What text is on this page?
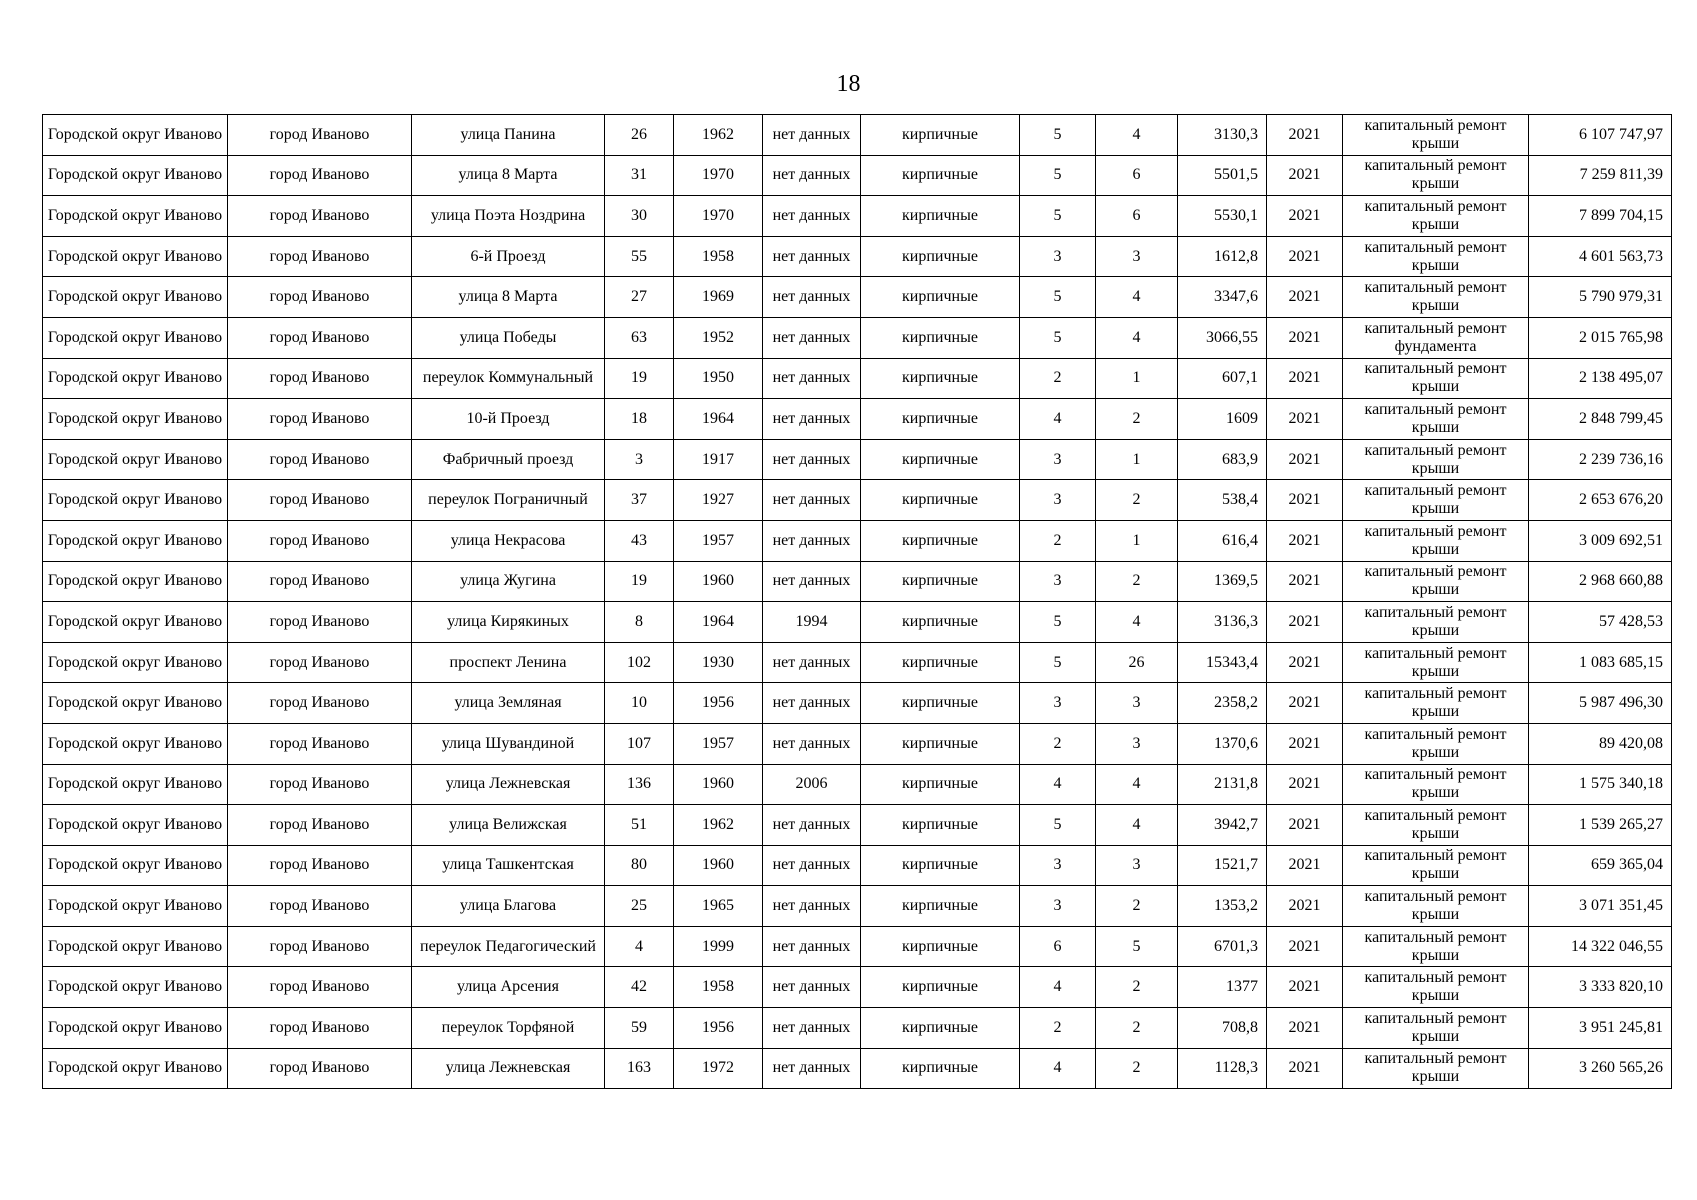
18
Городской округ Иваново	город Иваново	улица Панина	26	1962	нет данных	кирпичные	5	4	3130,3	2021	капитальный ремонт крыши	6 107 747,97
Городской округ Иваново	город Иваново	улица 8 Марта	31	1970	нет данных	кирпичные	5	6	5501,5	2021	капитальный ремонт крыши	7 259 811,39
Городской округ Иваново	город Иваново	улица Поэта Ноздрина	30	1970	нет данных	кирпичные	5	6	5530,1	2021	капитальный ремонт крыши	7 899 704,15
Городской округ Иваново	город Иваново	6-й Проезд	55	1958	нет данных	кирпичные	3	3	1612,8	2021	капитальный ремонт крыши	4 601 563,73
Городской округ Иваново	город Иваново	улица 8 Марта	27	1969	нет данных	кирпичные	5	4	3347,6	2021	капитальный ремонт крыши	5 790 979,31
Городской округ Иваново	город Иваново	улица Победы	63	1952	нет данных	кирпичные	5	4	3066,55	2021	капитальный ремонт фундамента	2 015 765,98
Городской округ Иваново	город Иваново	переулок Коммунальный	19	1950	нет данных	кирпичные	2	1	607,1	2021	капитальный ремонт крыши	2 138 495,07
Городской округ Иваново	город Иваново	10-й Проезд	18	1964	нет данных	кирпичные	4	2	1609	2021	капитальный ремонт крыши	2 848 799,45
Городской округ Иваново	город Иваново	Фабричный проезд	3	1917	нет данных	кирпичные	3	1	683,9	2021	капитальный ремонт крыши	2 239 736,16
Городской округ Иваново	город Иваново	переулок Пограничный	37	1927	нет данных	кирпичные	3	2	538,4	2021	капитальный ремонт крыши	2 653 676,20
Городской округ Иваново	город Иваново	улица Некрасова	43	1957	нет данных	кирпичные	2	1	616,4	2021	капитальный ремонт крыши	3 009 692,51
Городской округ Иваново	город Иваново	улица Жугина	19	1960	нет данных	кирпичные	3	2	1369,5	2021	капитальный ремонт крыши	2 968 660,88
Городской округ Иваново	город Иваново	улица Кирякиных	8	1964	1994	кирпичные	5	4	3136,3	2021	капитальный ремонт крыши	57 428,53
Городской округ Иваново	город Иваново	проспект Ленина	102	1930	нет данных	кирпичные	5	26	15343,4	2021	капитальный ремонт крыши	1 083 685,15
Городской округ Иваново	город Иваново	улица Земляная	10	1956	нет данных	кирпичные	3	3	2358,2	2021	капитальный ремонт крыши	5 987 496,30
Городской округ Иваново	город Иваново	улица Шувандиной	107	1957	нет данных	кирпичные	2	3	1370,6	2021	капитальный ремонт крыши	89 420,08
Городской округ Иваново	город Иваново	улица Лежневская	136	1960	2006	кирпичные	4	4	2131,8	2021	капитальный ремонт крыши	1 575 340,18
Городской округ Иваново	город Иваново	улица Велижская	51	1962	нет данных	кирпичные	5	4	3942,7	2021	капитальный ремонт крыши	1 539 265,27
Городской округ Иваново	город Иваново	улица Ташкентская	80	1960	нет данных	кирпичные	3	3	1521,7	2021	капитальный ремонт крыши	659 365,04
Городской округ Иваново	город Иваново	улица Благова	25	1965	нет данных	кирпичные	3	2	1353,2	2021	капитальный ремонт крыши	3 071 351,45
Городской округ Иваново	город Иваново	переулок Педагогический	4	1999	нет данных	кирпичные	6	5	6701,3	2021	капитальный ремонт крыши	14 322 046,55
Городской округ Иваново	город Иваново	улица Арсения	42	1958	нет данных	кирпичные	4	2	1377	2021	капитальный ремонт крыши	3 333 820,10
Городской округ Иваново	город Иваново	переулок Торфяной	59	1956	нет данных	кирпичные	2	2	708,8	2021	капитальный ремонт крыши	3 951 245,81
Городской округ Иваново	город Иваново	улица Лежневская	163	1972	нет данных	кирпичные	4	2	1128,3	2021	капитальный ремонт крыши	3 260 565,26
